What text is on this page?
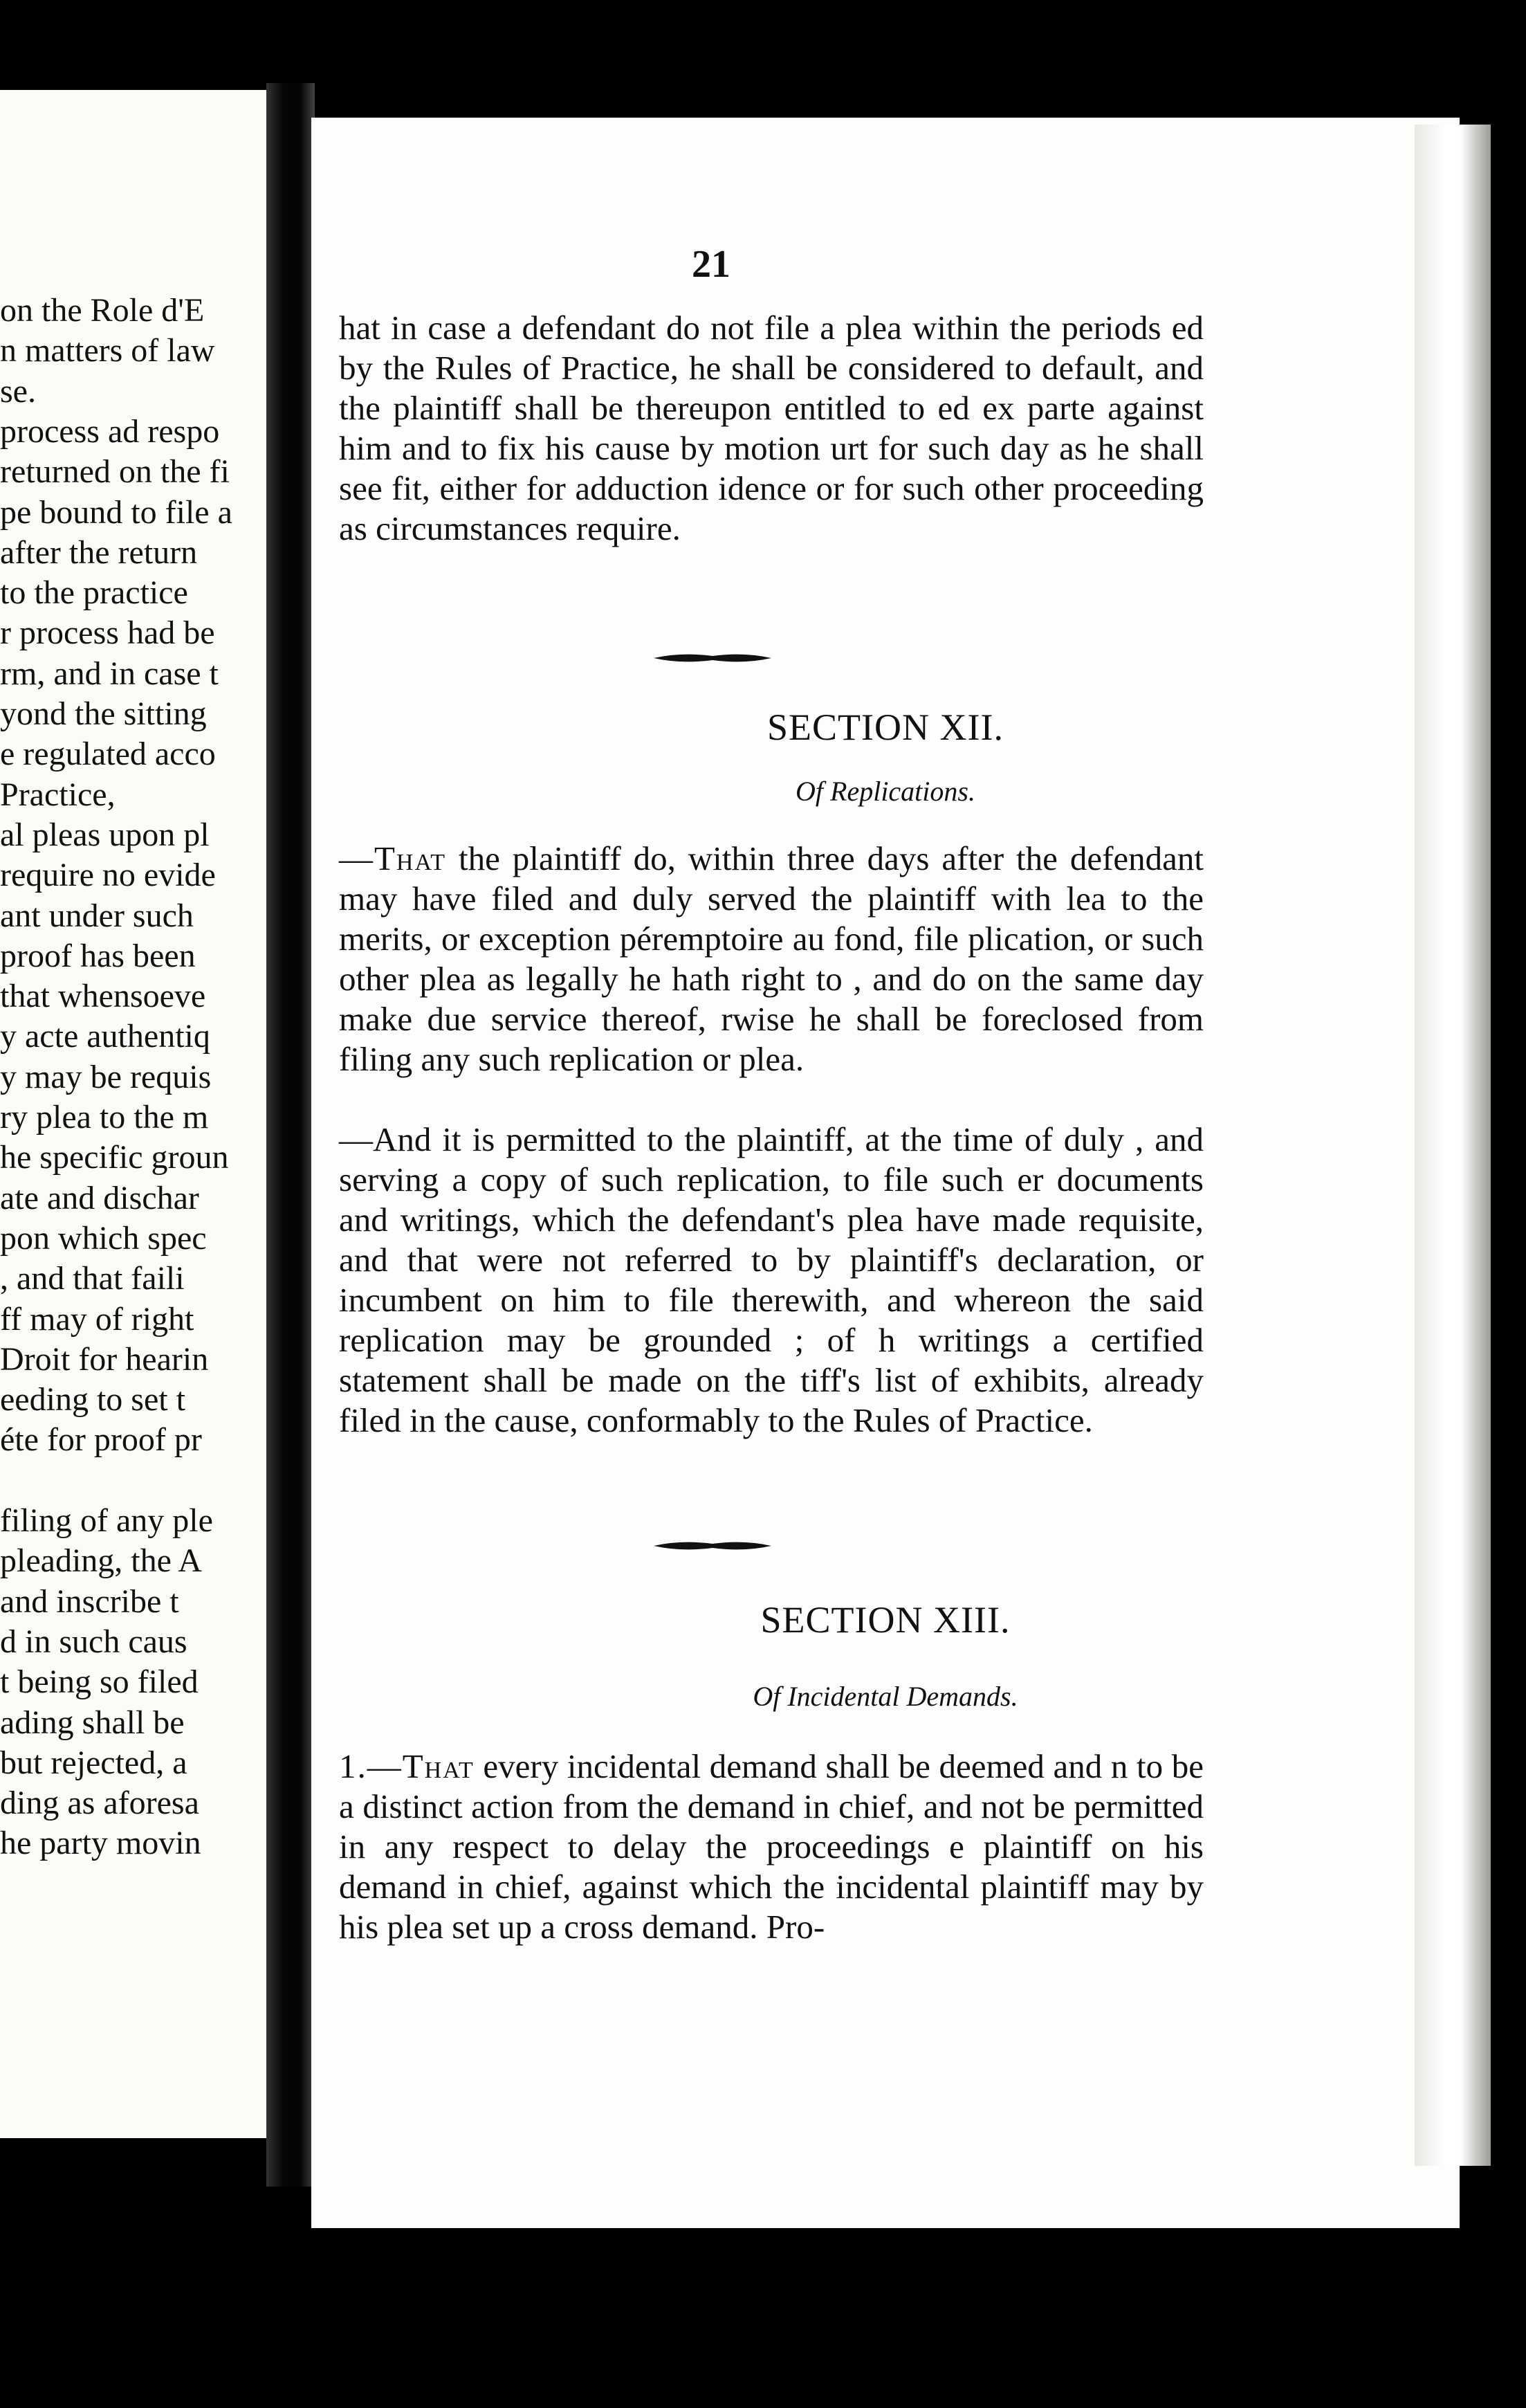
on the Role d'E
n matters of law
se.
process ad respo
returned on the fi
pe bound to file a
after the return
to the practice
r process had be
rm, and in case t
yond the sitting
e regulated acco
Practice,
al pleas upon pl
require no evide
ant under such
proof has been
that whensoeve
y acte authentiq
y may be requis
ry plea to the m
he specific groun
ate and dischar
pon which spec
, and that faili
ff may of right
Droit for hearin
eeding to set t
éte for proof pr
filing of any ple
pleading, the A
and inscribe t
d in such caus
t being so filed
ading shall be
but rejected, a
ding as aforesa
he party movin
21

hat in case a defendant do not file a plea within the periods ed by the Rules of Practice, he shall be considered to default, and the plaintiff shall be thereupon entitled to ed ex parte against him and to fix his cause by motion urt for such day as he shall see fit, either for adduction idence or for such other proceeding as circumstances require.

SECTION XII.
Of Replications.

—That the plaintiff do, within three days after the defendant may have filed and duly served the plaintiff with lea to the merits, or exception péremptoire au fond, file plication, or such other plea as legally he hath right to , and do on the same day make due service thereof, rwise he shall be foreclosed from filing any such replication or plea.

—And it is permitted to the plaintiff, at the time of duly , and serving a copy of such replication, to file such er documents and writings, which the defendant's plea have made requisite, and that were not referred to by plaintiff's declaration, or incumbent on him to file therewith, and whereon the said replication may be grounded ; of h writings a certified statement shall be made on the tiff's list of exhibits, already filed in the cause, conformably to the Rules of Practice.

SECTION XIII.
Of Incidental Demands.

1.—That every incidental demand shall be deemed and n to be a distinct action from the demand in chief, and not be permitted in any respect to delay the proceedings e plaintiff on his demand in chief, against which the incidental plaintiff may by his plea set up a cross demand. Pro-
